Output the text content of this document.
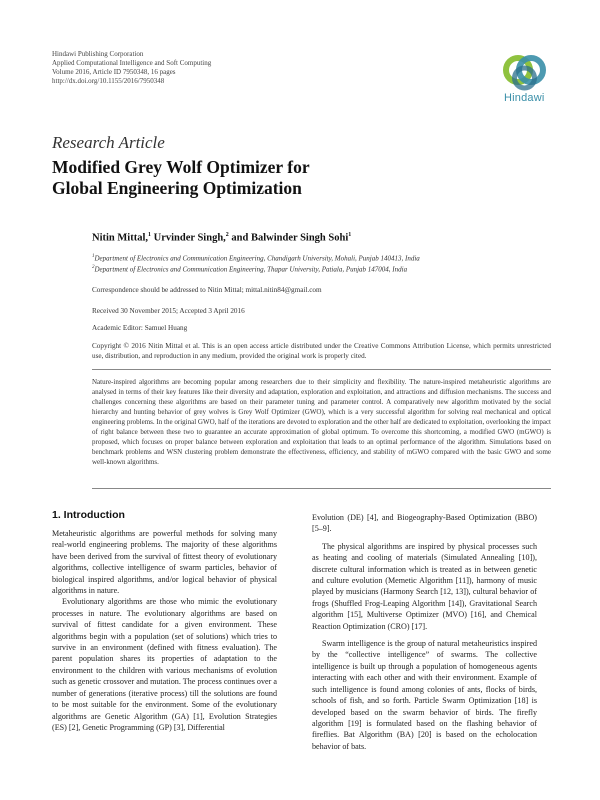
Hindawi Publishing Corporation
Applied Computational Intelligence and Soft Computing
Volume 2016, Article ID 7950348, 16 pages
http://dx.doi.org/10.1155/2016/7950348
Hindawi
Research Article
Modified Grey Wolf Optimizer for
Global Engineering Optimization
Nitin Mittal,$^1$ Urvinder Singh,$^2$ and Balwinder Singh Sohi$^1$
$^1$Department of Electronics and Communication Engineering, Chandigarh University, Mohali, Punjab 140413, India
$^2$Department of Electronics and Communication Engineering, Thapar University, Patiala, Punjab 147004, India
Correspondence should be addressed to Nitin Mittal; mittal.nitin84@gmail.com
Received 30 November 2015; Accepted 3 April 2016
Academic Editor: Samuel Huang
Copyright © 2016 Nitin Mittal et al. This is an open access article distributed under the Creative Commons Attribution License, which permits unrestricted use, distribution, and reproduction in any medium, provided the original work is properly cited.
Nature-inspired algorithms are becoming popular among researchers due to their simplicity and flexibility. The nature-inspired metaheuristic algorithms are analysed in terms of their key features like their diversity and adaptation, exploration and exploitation, and attractions and diffusion mechanisms. The success and challenges concerning these algorithms are based on their parameter tuning and parameter control. A comparatively new algorithm motivated by the social hierarchy and hunting behavior of grey wolves is Grey Wolf Optimizer (GWO), which is a very successful algorithm for solving real mechanical and optical engineering problems. In the original GWO, half of the iterations are devoted to exploration and the other half are dedicated to exploitation, overlooking the impact of right balance between these two to guarantee an accurate approximation of global optimum. To overcome this shortcoming, a modified GWO (mGWO) is proposed, which focuses on proper balance between exploration and exploitation that leads to an optimal performance of the algorithm. Simulations based on benchmark problems and WSN clustering problem demonstrate the effectiveness, efficiency, and stability of mGWO compared with the basic GWO and some well-known algorithms.
1. Introduction

Metaheuristic algorithms are powerful methods for solving many real-world engineering problems. The majority of these algorithms have been derived from the survival of fittest theory of evolutionary algorithms, collective intelligence of swarm particles, behavior of biological inspired algorithms, and/or logical behavior of physical algorithms in nature.

Evolutionary algorithms are those who mimic the evolutionary processes in nature. The evolutionary algorithms are based on survival of fittest candidate for a given environment. These algorithms begin with a population (set of solutions) which tries to survive in an environment (defined with fitness evaluation). The parent population shares its properties of adaptation to the environment to the children with various mechanisms of evolution such as genetic crossover and mutation. The process continues over a number of generations (iterative process) till the solutions are found to be most suitable for the environment. Some of the evolutionary algorithms are Genetic Algorithm (GA) [1], Evolution Strategies (ES) [2], Genetic Programming (GP) [3], Differential

Evolution (DE) [4], and Biogeography-Based Optimization (BBO) [5–9].

The physical algorithms are inspired by physical processes such as heating and cooling of materials (Simulated Annealing [10]), discrete cultural information which is treated as in between genetic and culture evolution (Memetic Algorithm [11]), harmony of music played by musicians (Harmony Search [12, 13]), cultural behavior of frogs (Shuffled Frog-Leaping Algorithm [14]), Gravitational Search algorithm [15], Multiverse Optimizer (MVO) [16], and Chemical Reaction Optimization (CRO) [17].

Swarm intelligence is the group of natural metaheuristics inspired by the “collective intelligence” of swarms. The collective intelligence is built up through a population of homogeneous agents interacting with each other and with their environment. Example of such intelligence is found among colonies of ants, flocks of birds, schools of fish, and so forth. Particle Swarm Optimization [18] is developed based on the swarm behavior of birds. The firefly algorithm [19] is formulated based on the flashing behavior of fireflies. Bat Algorithm (BA) [20] is based on the echolocation behavior of bats.
